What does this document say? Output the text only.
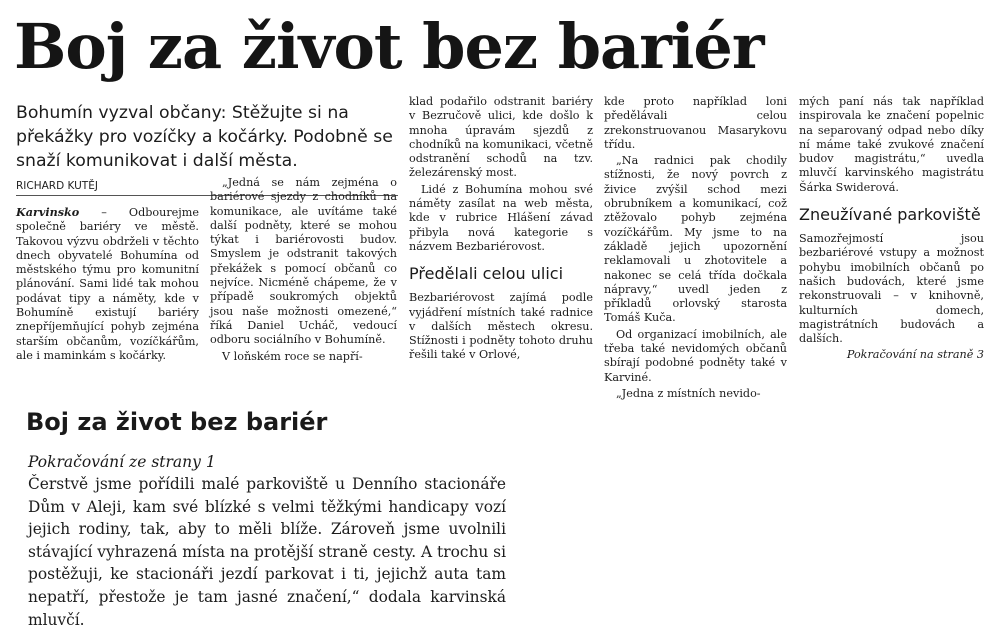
Boj za život bez bariér
Bohumín vyzval občany: Stěžujte si na překážky pro vozíčky a kočárky. Podobně se snaží komunikovat i další města.
RICHARD KUTĚJ

Karvinsko – Odbourejme společně bariéry ve městě. Takovou výzvu obdrželi v těchto dnech obyvatelé Bohumína od městského týmu pro komunitní plánování. Sami lidé tak mohou podávat tipy a náměty, kde v Bohumíně existují bariéry znepříjemňující pohyb zejména starším občanům, vozíčkářům, ale i maminkám s kočárky.

„Jedná se nám zejména o bariérové sjezdy z chodníků na komunikace, ale uvítáme také další podněty, které se mohou týkat i bariérovosti budov. Smyslem je odstranit takových překážek s pomocí občanů co nejvíce. Nicméně chápeme, že v případě soukromých objektů jsou naše možnosti omezené,“ říká Daniel Ucháč, vedoucí odboru sociálního v Bohumíně.

V loňském roce se napří-

klad podařilo odstranit bariéry v Bezručově ulici, kde došlo k mnoha úpravám sjezdů z chodníků na komunikaci, včetně odstranění schodů na tzv. železárenský most.

Lidé z Bohumína mohou své náměty zasílat na web města, kde v rubrice Hlášení závad přibyla nová kategorie s názvem Bezbariérovost.

Předělali celou ulici

Bezbariérovost zajímá podle vyjádření místních také radnice v dalších městech okresu. Stížnosti i podněty tohoto druhu řešili také v Orlové,

kde proto například loni předělávali celou zrekonstruovanou Masarykovu třídu.

„Na radnici pak chodily stížnosti, že nový povrch z živice zvýšil schod mezi obrubníkem a komunikací, což ztěžovalo pohyb zejména vozíčkářům. My jsme to na základě jejich upozornění reklamovali u zhotovitele a nakonec se celá třída dočkala nápravy,“ uvedl jeden z příkladů orlovský starosta Tomáš Kuča.

Od organizací imobilních, ale třeba také nevidomých občanů sbírají podobné podněty také v Karviné.

„Jedna z místních nevido-

mých paní nás tak například inspirovala ke značení popelnic na separovaný odpad nebo díky ní máme také zvukové značení budov magistrátu,“ uvedla mluvčí karvinského magistrátu Šárka Swiderová.

Zneužívané parkoviště

Samozřejmostí jsou bezbariérové vstupy a možnost pohybu imobilních občanů po našich budovách, které jsme rekonstruovali – v knihovně, kulturních domech, magistrátních budovách a dalších.

Pokračování na straně 3

Boj za život bez bariér
Pokračování ze strany 1
Čerstvě jsme pořídili malé parkoviště u Denního stacionáře Dům v Aleji, kam své blízké s velmi těžkými handicapy vozí jejich rodiny, tak, aby to měli blíže. Zároveň jsme uvolnili stávající vyhrazená místa na protější straně cesty. A trochu si postěžuji, ke stacionáři jezdí parkovat i ti, jejichž auta tam nepatří, přestože je tam jasné značení,“ dodala karvinská mluvčí.
